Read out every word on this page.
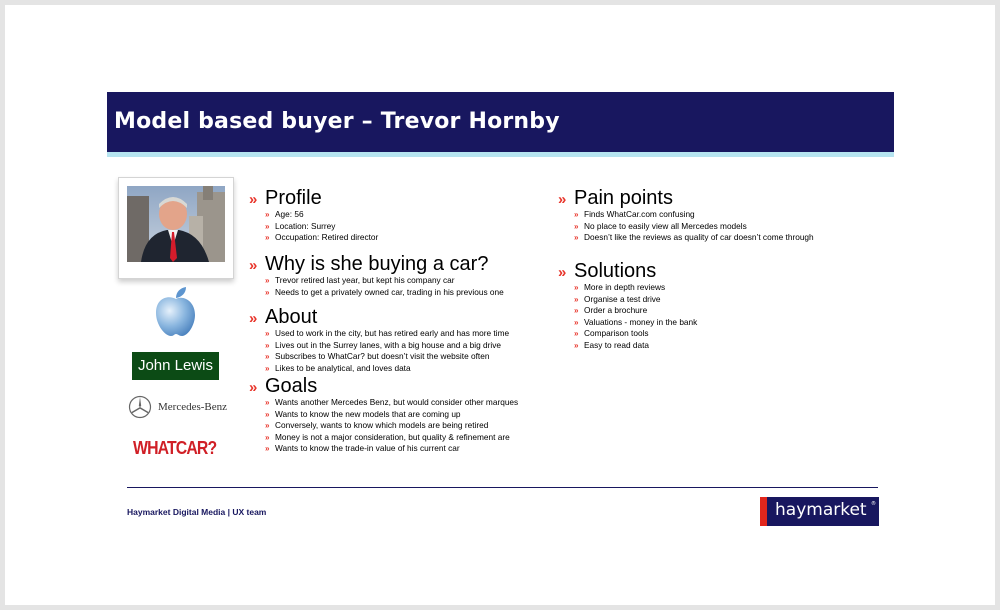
Model based buyer – Trevor Hornby
John Lewis
Mercedes-Benz
WHATCAR?
» Profile
» Age: 56
» Location: Surrey
» Occupation: Retired director
» Why is she buying a car?
» Trevor retired last year, but kept his company car
» Needs to get a privately owned car, trading in his previous one
» About
» Used to work in the city, but has retired early and has more time
» Lives out in the Surrey lanes, with a big house and a big drive
» Subscribes to WhatCar? but doesn’t visit the website often
» Likes to be analytical, and loves data
» Goals
» Wants another Mercedes Benz, but would consider other marques
» Wants to know the new models that are coming up
» Conversely, wants to know which models are being retired
» Money is not a major consideration, but quality & refinement are
» Wants to know the trade-in value of his current car
» Pain points
» Finds WhatCar.com confusing
» No place to easily view all Mercedes models
» Doesn’t like the reviews as quality of car doesn’t come through
» Solutions
» More in depth reviews
» Organise a test drive
» Order a brochure
» Valuations - money in the bank
» Comparison tools
» Easy to read data
Haymarket Digital Media | UX team	haymarket ®
